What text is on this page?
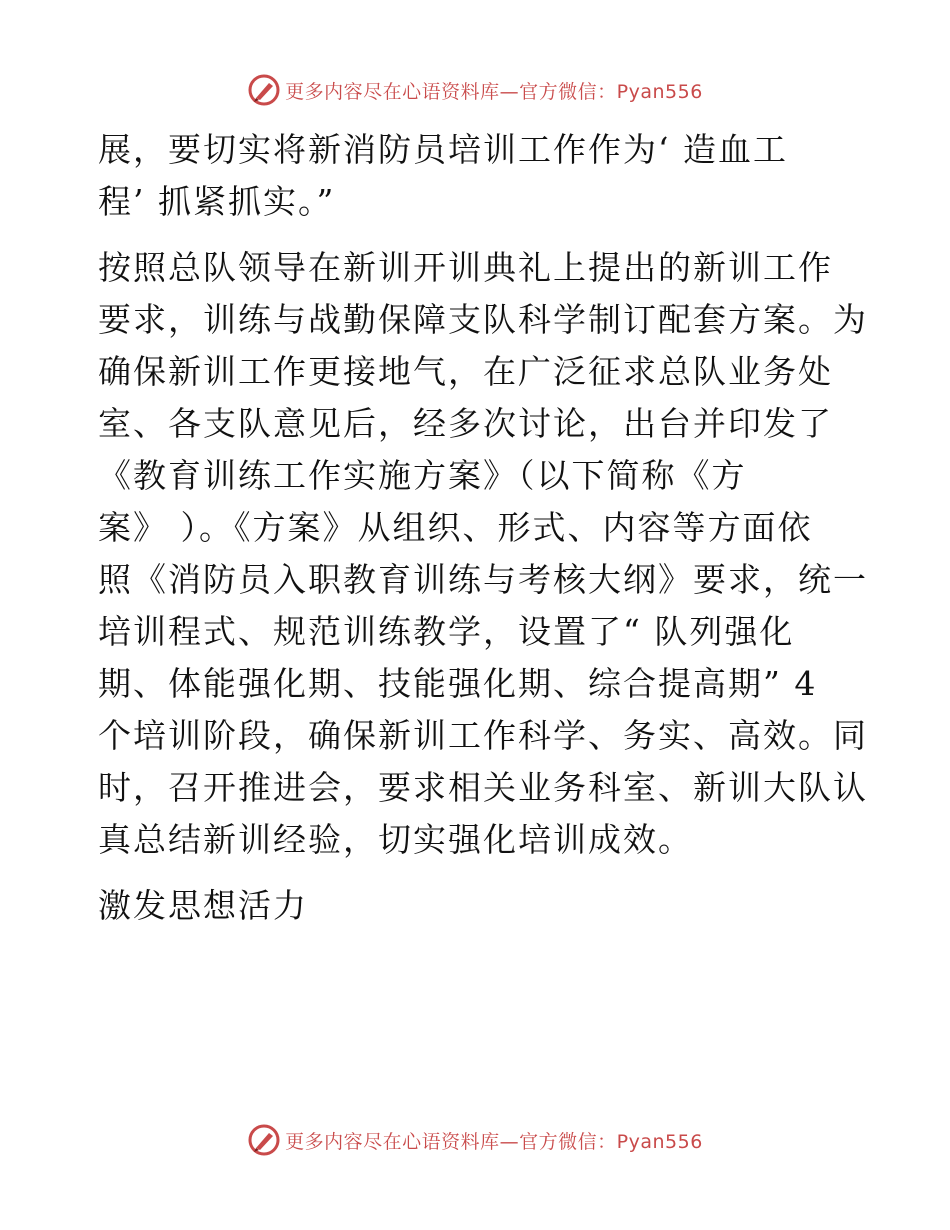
更多内容尽在心语资料库—官方微信：Pyan556
展，要切实将新消防员培训工作作为‘ 造血工
程’ 抓紧抓实。”
按照总队领导在新训开训典礼上提出的新训工作
要求，训练与战勤保障支队科学制订配套方案。为
确保新训工作更接地气，在广泛征求总队业务处
室、各支队意见后，经多次讨论，出台并印发了
《教育训练工作实施方案》（以下简称《方
案》 ）。《方案》从组织、形式、内容等方面依
照《消防员入职教育训练与考核大纲》要求，统一
培训程式、规范训练教学，设置了“ 队列强化
期、体能强化期、技能强化期、综合提高期” 4
个培训阶段，确保新训工作科学、务实、高效。同
时，召开推进会，要求相关业务科室、新训大队认
真总结新训经验，切实强化培训成效。
激发思想活力
更多内容尽在心语资料库—官方微信：Pyan556
